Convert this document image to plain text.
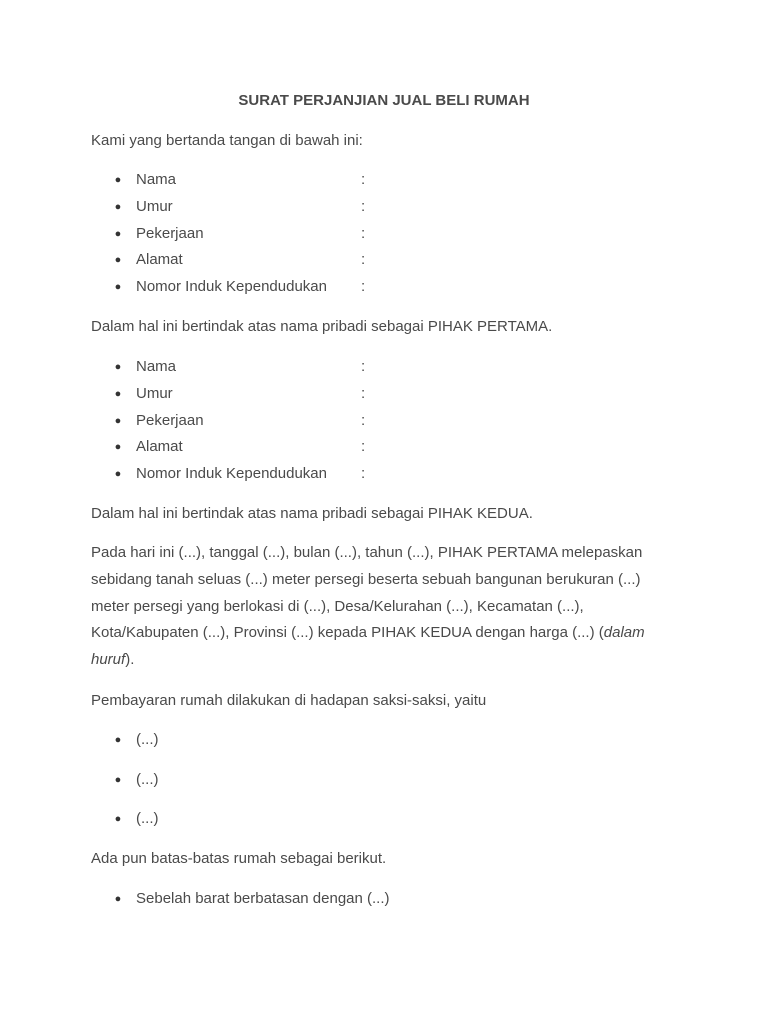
SURAT PERJANJIAN JUAL BELI RUMAH
Kami yang bertanda tangan di bawah ini:
● Nama	:
● Umur	:
● Pekerjaan	:
● Alamat	:
● Nomor Induk Kependudukan :
Dalam hal ini bertindak atas nama pribadi sebagai PIHAK PERTAMA.
● Nama	:
● Umur	:
● Pekerjaan	:
● Alamat	:
● Nomor Induk Kependudukan :
Dalam hal ini bertindak atas nama pribadi sebagai PIHAK KEDUA.
Pada hari ini (...), tanggal (...), bulan (...), tahun (...), PIHAK PERTAMA melepaskan sebidang tanah seluas (...) meter persegi beserta sebuah bangunan berukuran (...) meter persegi yang berlokasi di (...), Desa/Kelurahan (...), Kecamatan (...), Kota/Kabupaten (...), Provinsi (...) kepada PIHAK KEDUA dengan harga (...) (dalam huruf).
Pembayaran rumah dilakukan di hadapan saksi-saksi, yaitu
● (...)
● (...)
● (...)
Ada pun batas-batas rumah sebagai berikut.
● Sebelah barat berbatasan dengan (...)
